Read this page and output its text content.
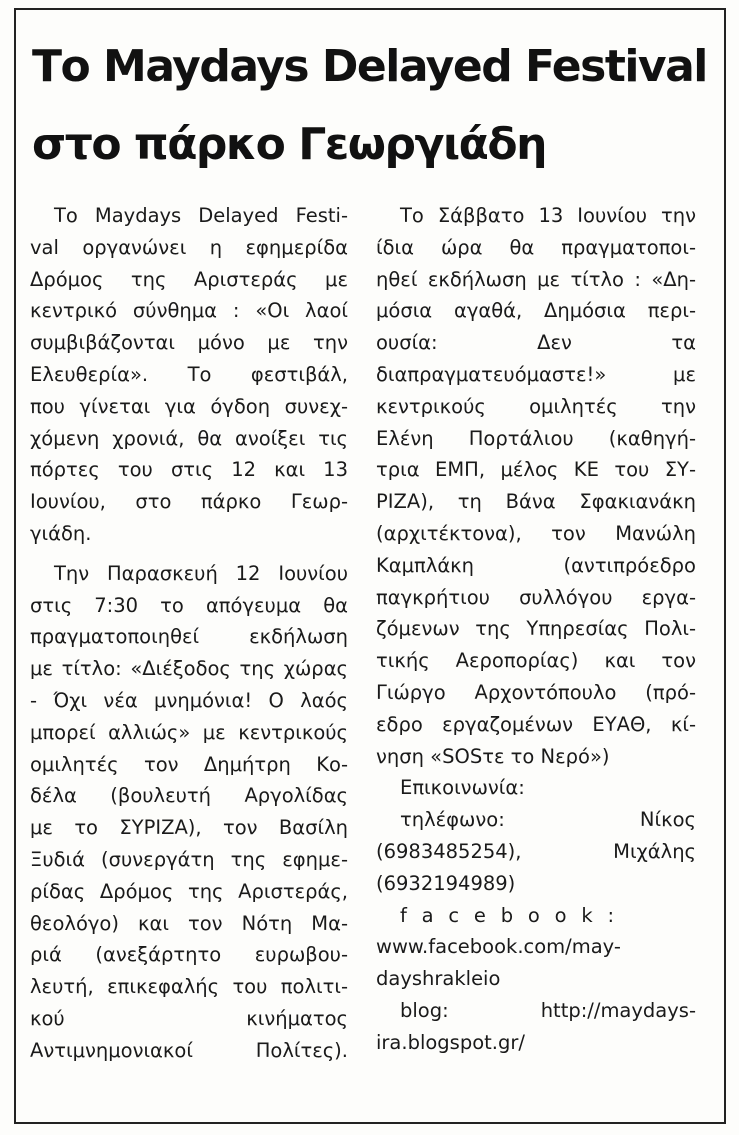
Το Maydays Delayed Festival
στο πάρκο Γεωργιάδη
Το Maydays Delayed Festi-
val οργανώνει η εφημερίδα
Δρόμος της Αριστεράς με
κεντρικό σύνθημα : «Οι λαοί
συμβιβάζονται μόνο με την
Ελευθερία». Το φεστιβάλ,
που γίνεται για όγδοη συνεχ-
χόμενη χρονιά, θα ανοίξει τις
πόρτες του στις 12 και 13
Ιουνίου, στο πάρκο Γεωρ-
γιάδη.
Την Παρασκευή 12 Ιουνίου
στις 7:30 το απόγευμα θα
πραγματοποιηθεί εκδήλωση
με τίτλο: «Διέξοδος της χώρας
- Όχι νέα μνημόνια! Ο λαός
μπορεί αλλιώς» με κεντρικούς
ομιλητές τον Δημήτρη Κο-
δέλα (βουλευτή Αργολίδας
με το ΣΥΡΙΖΑ), τον Βασίλη
Ξυδιά (συνεργάτη της εφημε-
ρίδας Δρόμος της Αριστεράς,
θεολόγο) και τον Νότη Μα-
ριά (ανεξάρτητο ευρωβου-
λευτή, επικεφαλής του πολιτι-
κού κινήματος
Αντιμνημονιακοί Πολίτες).
Το Σάββατο 13 Ιουνίου την
ίδια ώρα θα πραγματοποι-
ηθεί εκδήλωση με τίτλο : «Δη-
μόσια αγαθά, Δημόσια περι-
ουσία: Δεν τα
διαπραγματευόμαστε!» με
κεντρικούς ομιλητές την
Ελένη Πορτάλιου (καθηγή-
τρια ΕΜΠ, μέλος ΚΕ του ΣΥ-
ΡΙΖΑ), τη Βάνα Σφακιανάκη
(αρχιτέκτονα), τον Μανώλη
Καμπλάκη (αντιπρόεδρο
παγκρήτιου συλλόγου εργα-
ζόμενων της Υπηρεσίας Πολι-
τικής Αεροπορίας) και τον
Γιώργο Αρχοντόπουλο (πρό-
εδρο εργαζομένων ΕΥΑΘ, κί-
νηση «SOSτε το Νερό»)
Επικοινωνία:
τηλέφωνο: Νίκος
(6983485254), Μιχάλης
(6932194989)
facebook:
www.facebook.com/may-
dayshrakleio
blog: http://maydays-
ira.blogspot.gr/
